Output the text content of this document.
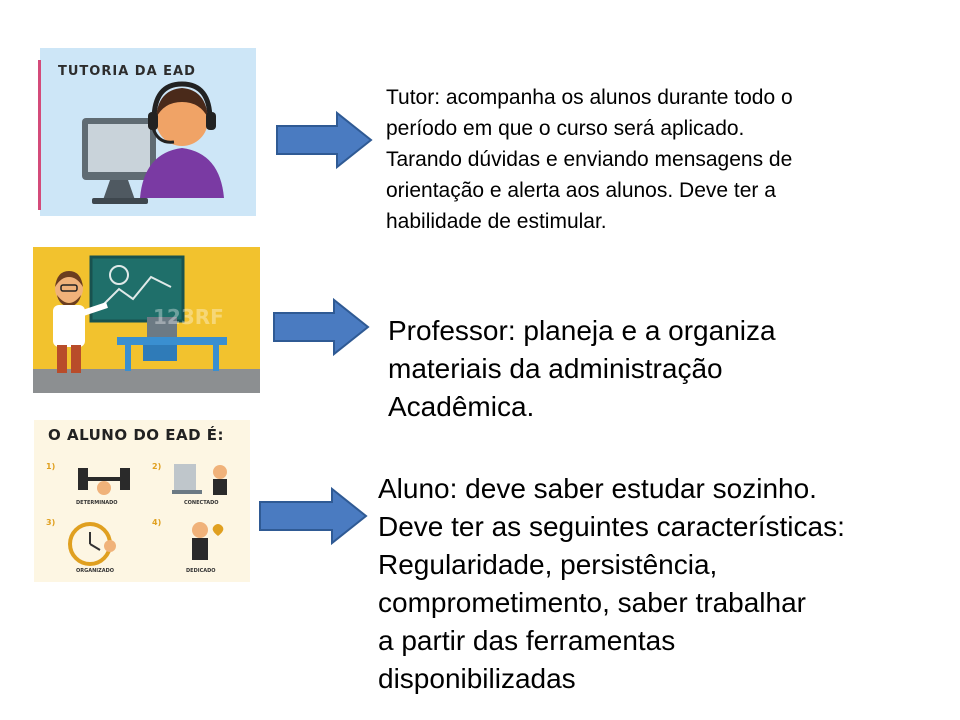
TUTORIA DA EAD
Tutor: acompanha os alunos durante todo o
período em que o curso será aplicado.
Tarando dúvidas e enviando mensagens de
orientação e alerta aos alunos. Deve ter a
habilidade de estimular.
123RF	Professor: planeja e a organiza
materiais da administração
Acadêmica.
O ALUNO DO EAD É:
1)
DETERMINADO
2)
CONECTADO
3)
ORGANIZADO
4)
DEDICADO
Aluno: deve saber estudar sozinho.
Deve ter as seguintes características:
Regularidade, persistência,
comprometimento, saber trabalhar
a partir das ferramentas
disponibilizadas
